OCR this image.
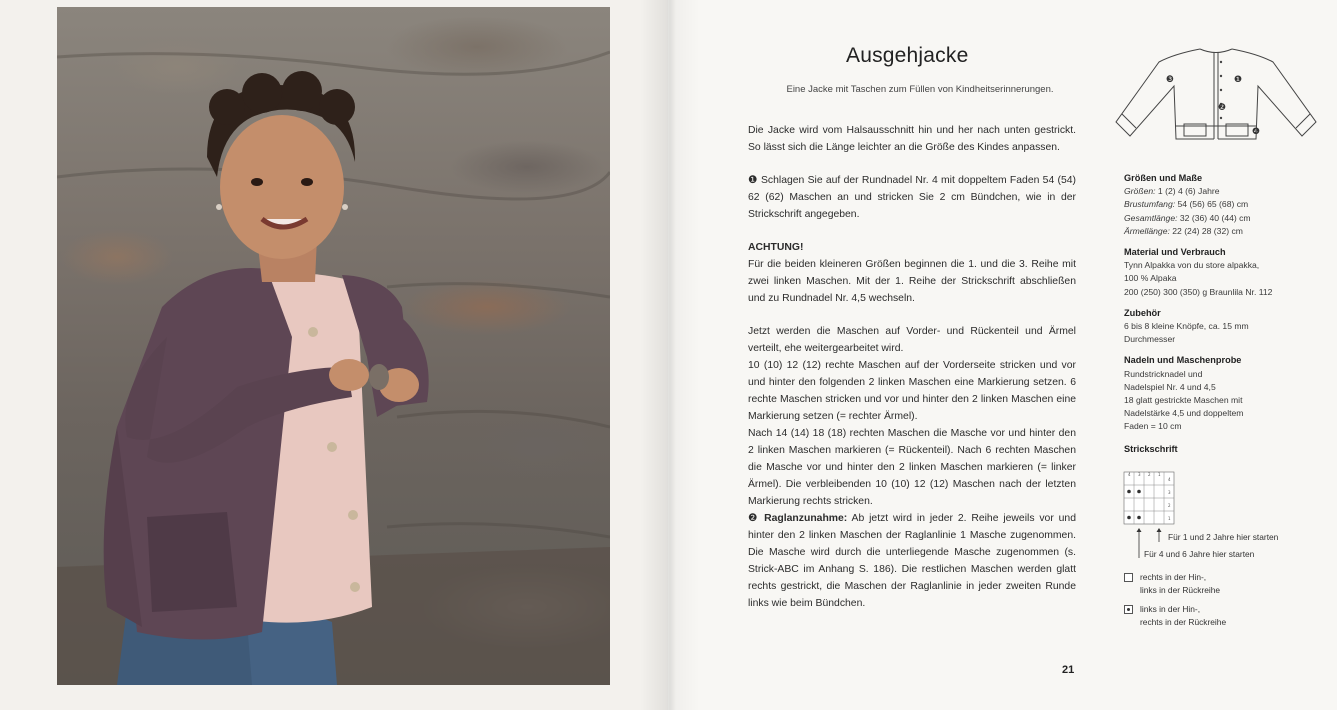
Ausgehjacke
Eine Jacke mit Taschen zum Füllen von Kindheitserinnerungen.

Die Jacke wird vom Halsausschnitt hin und her nach unten gestrickt. So lässt sich die Länge leichter an die Größe des Kindes anpassen.

❶ Schlagen Sie auf der Rundnadel Nr. 4 mit doppeltem Faden 54 (54) 62 (62) Maschen an und stricken Sie 2 cm Bündchen, wie in der Strickschrift angegeben.

ACHTUNG!
Für die beiden kleineren Größen beginnen die 1. und die 3. Reihe mit zwei linken Maschen. Mit der 1. Reihe der Strickschrift abschließen und zu Rundnadel Nr. 4,5 wechseln.

Jetzt werden die Maschen auf Vorder- und Rückenteil und Ärmel verteilt, ehe weitergearbeitet wird.

10 (10) 12 (12) rechte Maschen auf der Vorderseite stricken und vor und hinter den folgenden 2 linken Maschen eine Markierung setzen. 6 rechte Maschen stricken und vor und hinter den 2 linken Maschen eine Markierung setzen (= rechter Ärmel).

Nach 14 (14) 18 (18) rechten Maschen die Masche vor und hinter den 2 linken Maschen markieren (= Rückenteil). Nach 6 rechten Maschen die Masche vor und hinter den 2 linken Maschen markieren (= linker Ärmel). Die verbleibenden 10 (10) 12 (12) Maschen nach der letzten Markierung rechts stricken.

❷ Raglanzunahme: Ab jetzt wird in jeder 2. Reihe jeweils vor und hinter den 2 linken Maschen der Raglanlinie 1 Masche zugenommen. Die Masche wird durch die unterliegende Masche zugenommen (s. Strick-ABC im Anhang S. 186). Die restlichen Maschen werden glatt rechts gestrickt, die Maschen der Raglanlinie in jeder zweiten Runde links wie beim Bündchen.

❸	❶
❷
❹
Größen und Maße
Größen: 1 (2) 4 (6) Jahre
Brustumfang: 54 (56) 65 (68) cm
Gesamtlänge: 32 (36) 40 (44) cm
Ärmellänge: 22 (24) 28 (32) cm
Material und Verbrauch
Tynn Alpakka von du store alpakka,
100 % Alpaka
200 (250) 300 (350) g Braunlila Nr. 112
Zubehör
6 bis 8 kleine Knöpfe, ca. 15 mm
Durchmesser
Nadeln und Maschenprobe
Rundstricknadel und
Nadelspiel Nr. 4 und 4,5
18 glatt gestrickte Maschen mit
Nadelstärke 4,5 und doppeltem
Faden = 10 cm
Strickschrift
4 3 2 1
4
3
2
1
Für 1 und 2 Jahre hier starten
Für 4 und 6 Jahre hier starten
rechts in der Hin-,
links in der Rückreihe
links in der Hin-,
rechts in der Rückreihe
21
